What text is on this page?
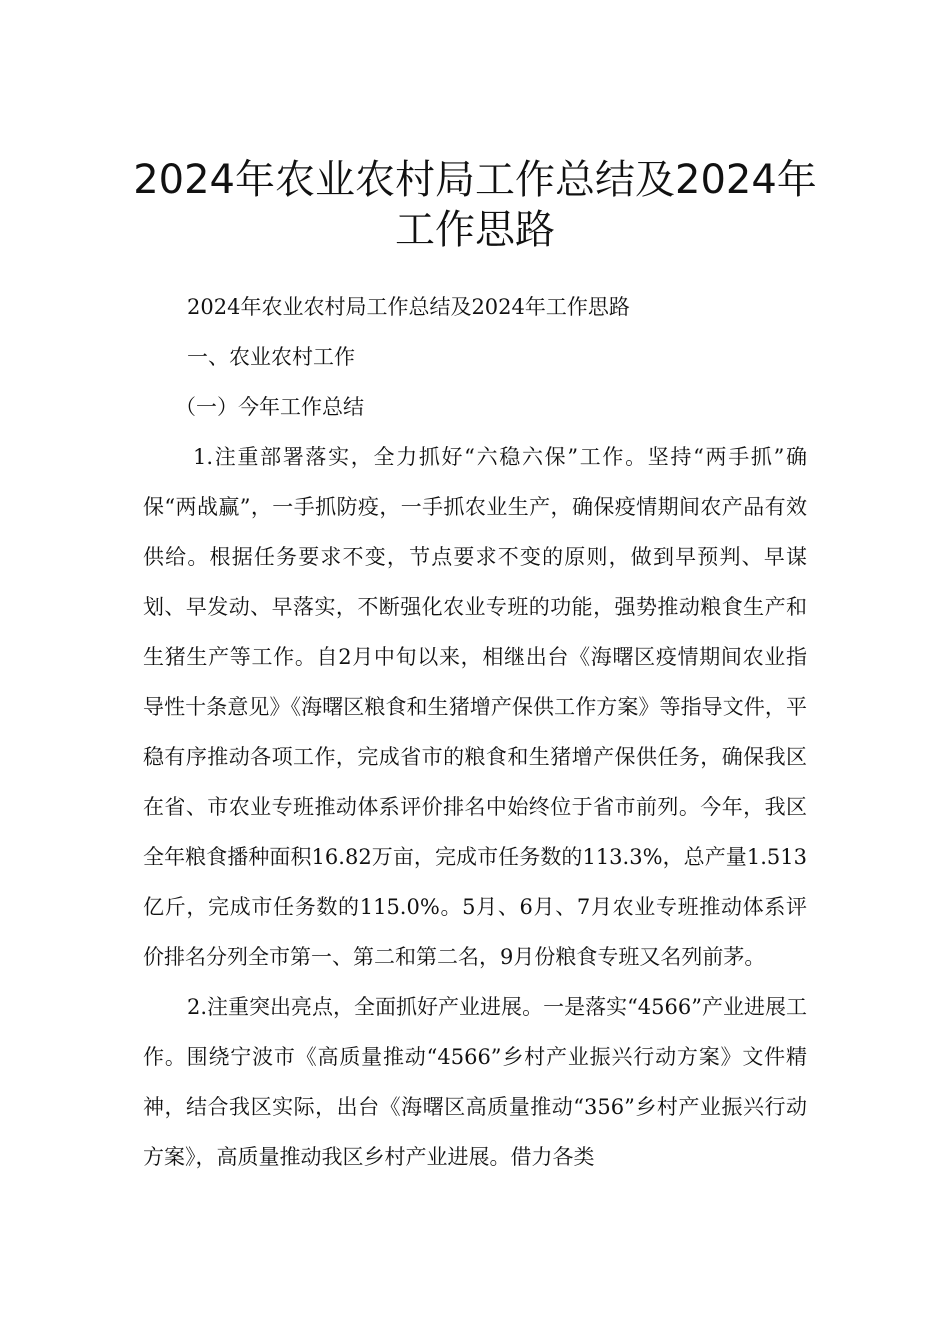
2024年农业农村局工作总结及2024年
工作思路

2024年农业农村局工作总结及2024年工作思路

一、农业农村工作

（一）今年工作总结

1.注重部署落实，全力抓好“六稳六保”工作。坚持“两手抓”确保“两战赢”，一手抓防疫，一手抓农业生产，确保疫情期间农产品有效供给。根据任务要求不变，节点要求不变的原则，做到早预判、早谋划、早发动、早落实，不断强化农业专班的功能，强势推动粮食生产和生猪生产等工作。自2月中旬以来，相继出台《海曙区疫情期间农业指导性十条意见》《海曙区粮食和生猪增产保供工作方案》等指导文件，平稳有序推动各项工作，完成省市的粮食和生猪增产保供任务，确保我区在省、市农业专班推动体系评价排名中始终位于省市前列。今年，我区全年粮食播种面积16.82万亩，完成市任务数的113.3%，总产量1.513亿斤，完成市任务数的115.0%。5月、6月、7月农业专班推动体系评价排名分列全市第一、第二和第二名，9月份粮食专班又名列前茅。

2.注重突出亮点，全面抓好产业进展。一是落实“4566”产业进展工作。围绕宁波市《高质量推动“4566”乡村产业振兴行动方案》文件精神，结合我区实际，出台《海曙区高质量推动“356”乡村产业振兴行动方案》，高质量推动我区乡村产业进展。借力各类
